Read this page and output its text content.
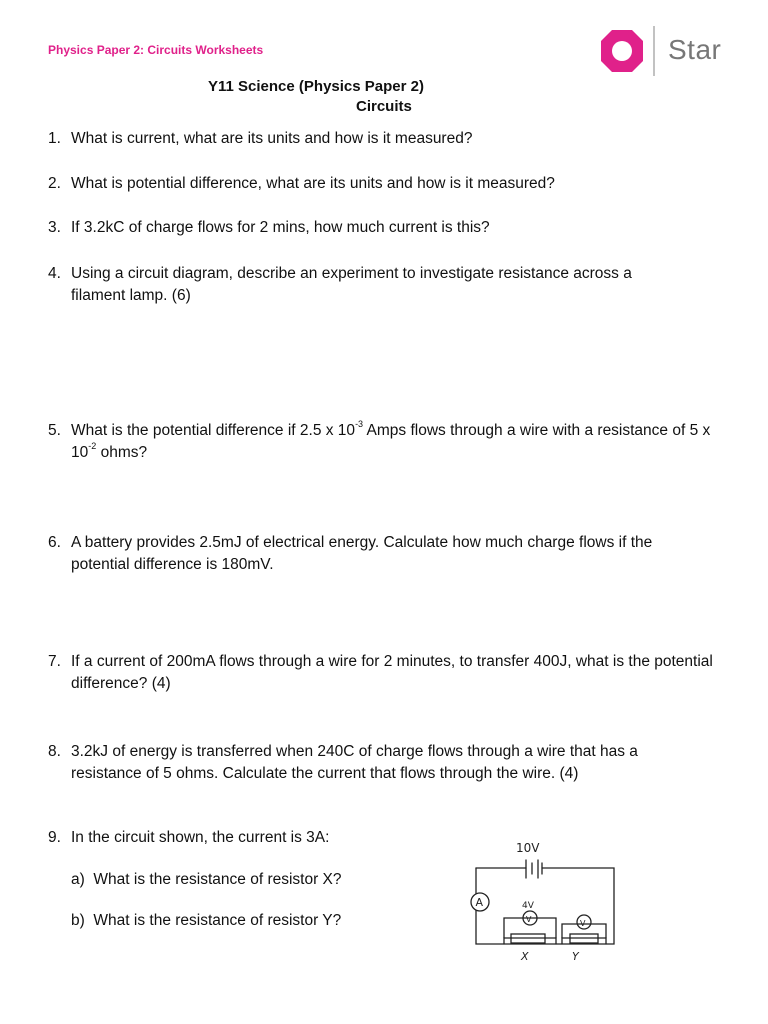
Physics Paper 2: Circuits Worksheets	Star
Y11 Science (Physics Paper 2)
Circuits
1. What is current, what are its units and how is it measured?
2. What is potential difference, what are its units and how is it measured?
3. If 3.2kC of charge flows for 2 mins, how much current is this?
4. Using a circuit diagram, describe an experiment to investigate resistance across a filament lamp. (6)
5. What is the potential difference if 2.5 x $10^{-3}$ Amps flows through a wire with a resistance of 5 x $10^{-2}$ ohms?
6. A battery provides 2.5mJ of electrical energy. Calculate how much charge flows if the potential difference is 180mV.
7. If a current of 200mA flows through a wire for 2 minutes, to transfer 400J, what is the potential difference? (4)
8. 3.2kJ of energy is transferred when 240C of charge flows through a wire that has a resistance of 5 ohms. Calculate the current that flows through the wire. (4)
9. In the circuit shown, the current is 3A:
a) What is the resistance of resistor X?
b) What is the resistance of resistor Y?
10V
A	4V
V	V
X	Y
